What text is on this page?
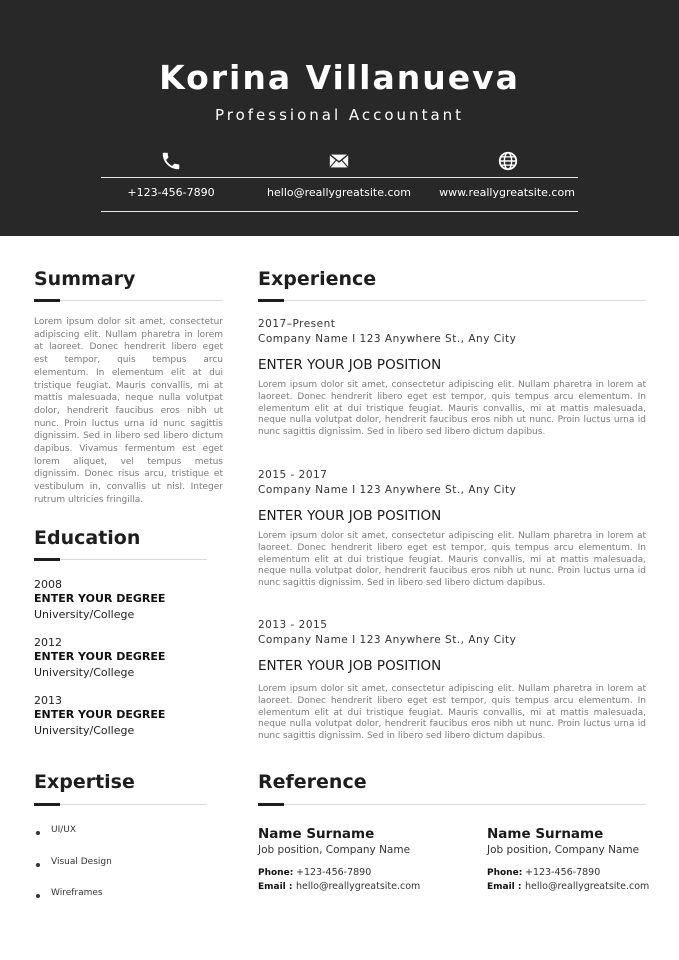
Korina Villanueva
Professional Accountant
+123-456-7890	hello@reallygreatsite.com	www.reallygreatsite.com
Summary
Lorem ipsum dolor sit amet, consectetur adipiscing elit. Nullam pharetra in lorem at laoreet. Donec hendrerit libero eget est tempor, quis tempus arcu elementum. In elementum elit at dui tristique feugiat. Mauris convallis, mi at mattis malesuada, neque nulla volutpat dolor, hendrerit faucibus eros nibh ut nunc. Proin luctus urna id nunc sagittis dignissim. Sed in libero sed libero dictum dapibus. Vivamus fermentum est eget lorem aliquet, vel tempus metus dignissim. Donec risus arcu, tristique et vestibulum in, convallis ut nisl. Integer rutrum ultricies fringilla.
Education
2008
ENTER YOUR DEGREE
University/College
2012
ENTER YOUR DEGREE
University/College
2013
ENTER YOUR DEGREE
University/College
Experience
2017–Present
Company Name I 123 Anywhere St., Any City
ENTER YOUR JOB POSITION
Lorem ipsum dolor sit amet, consectetur adipiscing elit. Nullam pharetra in lorem at laoreet. Donec hendrerit libero eget est tempor, quis tempus arcu elementum. In elementum elit at dui tristique feugiat. Mauris convallis, mi at mattis malesuada, neque nulla volutpat dolor, hendrerit faucibus eros nibh ut nunc. Proin luctus urna id nunc sagittis dignissim. Sed in libero sed libero dictum dapibus.
2015 - 2017
Company Name I 123 Anywhere St., Any City
ENTER YOUR JOB POSITION
Lorem ipsum dolor sit amet, consectetur adipiscing elit. Nullam pharetra in lorem at laoreet. Donec hendrerit libero eget est tempor, quis tempus arcu elementum. In elementum elit at dui tristique feugiat. Mauris convallis, mi at mattis malesuada, neque nulla volutpat dolor, hendrerit faucibus eros nibh ut nunc. Proin luctus urna id nunc sagittis dignissim. Sed in libero sed libero dictum dapibus.
2013 - 2015
Company Name I 123 Anywhere St., Any City
ENTER YOUR JOB POSITION
Lorem ipsum dolor sit amet, consectetur adipiscing elit. Nullam pharetra in lorem at laoreet. Donec hendrerit libero eget est tempor, quis tempus arcu elementum. In elementum elit at dui tristique feugiat. Mauris convallis, mi at mattis malesuada, neque nulla volutpat dolor, hendrerit faucibus eros nibh ut nunc. Proin luctus urna id nunc sagittis dignissim. Sed in libero sed libero dictum dapibus.
Expertise
UI/UX
Visual Design
Wireframes
Reference
Name Surname
Job position, Company Name
Phone: +123-456-7890
Email : hello@reallygreatsite.com
Name Surname
Job position, Company Name
Phone: +123-456-7890
Email : hello@reallygreatsite.com
